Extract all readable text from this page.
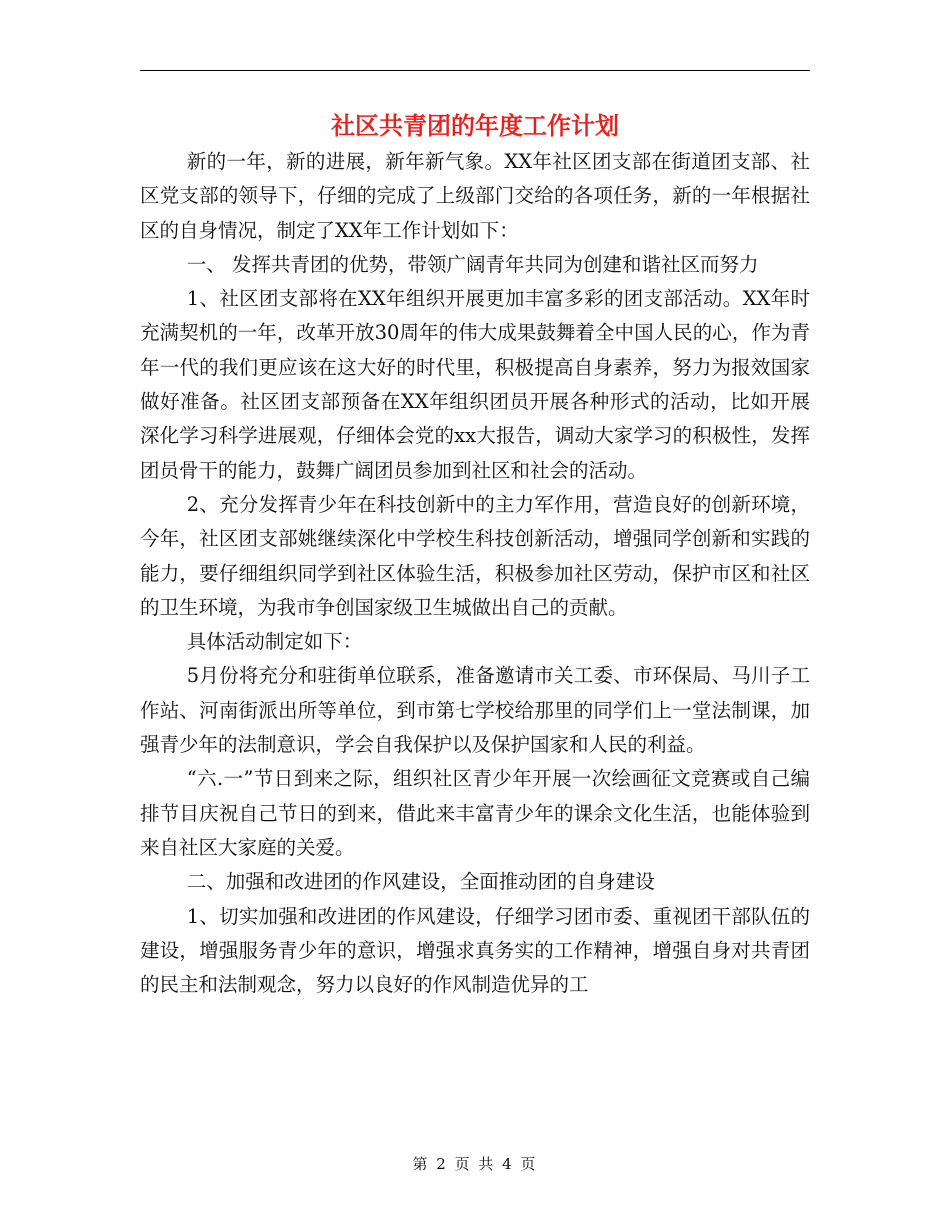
社区共青团的年度工作计划

新的一年，新的进展，新年新气象。XX年社区团支部在街道团支部、社区党支部的领导下，仔细的完成了上级部门交给的各项任务，新的一年根据社区的自身情况，制定了XX年工作计划如下：

一、 发挥共青团的优势，带领广阔青年共同为创建和谐社区而努力

1、社区团支部将在XX年组织开展更加丰富多彩的团支部活动。XX年时充满契机的一年，改革开放30周年的伟大成果鼓舞着全中国人民的心，作为青年一代的我们更应该在这大好的时代里，积极提高自身素养，努力为报效国家做好准备。社区团支部预备在XX年组织团员开展各种形式的活动，比如开展深化学习科学进展观，仔细体会党的xx大报告，调动大家学习的积极性，发挥团员骨干的能力，鼓舞广阔团员参加到社区和社会的活动。

2、充分发挥青少年在科技创新中的主力军作用，营造良好的创新环境，今年，社区团支部姚继续深化中学校生科技创新活动，增强同学创新和实践的能力，要仔细组织同学到社区体验生活，积极参加社区劳动，保护市区和社区的卫生环境，为我市争创国家级卫生城做出自己的贡献。

具体活动制定如下：

5月份将充分和驻街单位联系，准备邀请市关工委、市环保局、马川子工作站、河南街派出所等单位，到市第七学校给那里的同学们上一堂法制课，加强青少年的法制意识，学会自我保护以及保护国家和人民的利益。

“六.一”节日到来之际，组织社区青少年开展一次绘画征文竞赛或自己编排节目庆祝自己节日的到来，借此来丰富青少年的课余文化生活，也能体验到来自社区大家庭的关爱。

二、加强和改进团的作风建设，全面推动团的自身建设

1、切实加强和改进团的作风建设，仔细学习团市委、重视团干部队伍的建设，增强服务青少年的意识，增强求真务实的工作精神，增强自身对共青团的民主和法制观念，努力以良好的作风制造优异的工

第 2 页 共 4 页
